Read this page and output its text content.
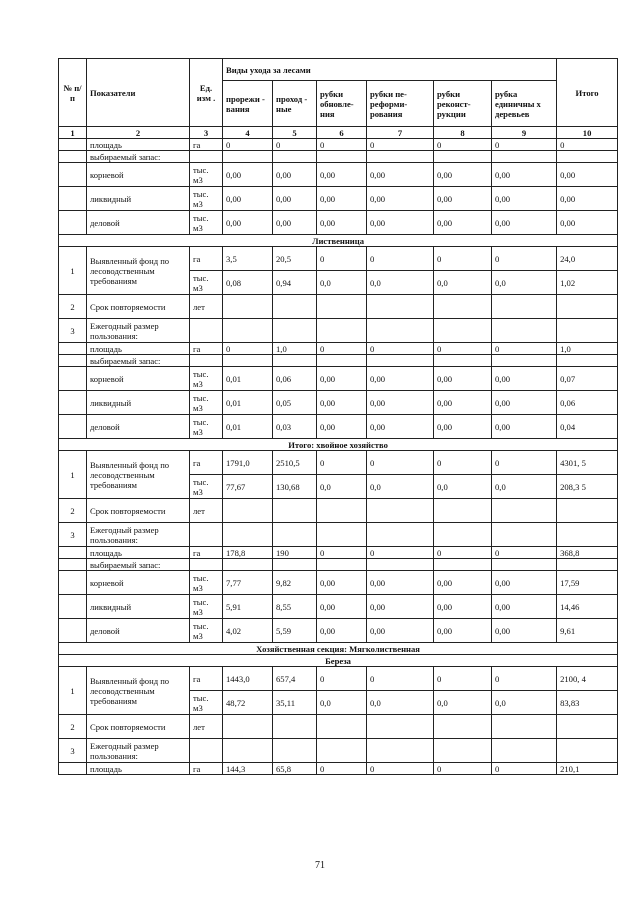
№ п/п	Показатели	Ед. изм .	Виды ухода за лесами						Итого
			прорежи - вания	проход - ные	рубки обновле- ния	рубки пе- реформи- рования	рубки реконст- рукции	рубка единичны х деревьев	
1	2	3	4	5	6	7	8	9	10
	площадь	га	0	0	0	0	0	0	0
	выбираемый запас:								
	корневой	тыс. м3	0,00	0,00	0,00	0,00	0,00	0,00	0,00
	ликвидный	тыс. м3	0,00	0,00	0,00	0,00	0,00	0,00	0,00
	деловой	тыс. м3	0,00	0,00	0,00	0,00	0,00	0,00	0,00
Лиственница									
1	Выявленный фонд по лесоводственным требованиям	га	3,5	20,5	0	0	0	0	24,0
		тыс. м3	0,08	0,94	0,0	0,0	0,0	0,0	1,02
2	Срок повторяемости	лет							
3	Ежегодный размер пользования:								
	площадь	га	0	1,0	0	0	0	0	1,0
	выбираемый запас:								
	корневой	тыс. м3	0,01	0,06	0,00	0,00	0,00	0,00	0,07
	ликвидный	тыс. м3	0,01	0,05	0,00	0,00	0,00	0,00	0,06
	деловой	тыс. м3	0,01	0,03	0,00	0,00	0,00	0,00	0,04
Итого: хвойное хозяйство									
1	Выявленный фонд по лесоводственным требованиям	га	1791,0	2510,5	0	0	0	0	4301, 5
		тыс. м3	77,67	130,68	0,0	0,0	0,0	0,0	208,3 5
2	Срок повторяемости	лет							
3	Ежегодный размер пользования:								
	площадь	га	178,8	190	0	0	0	0	368,8
	выбираемый запас:								
	корневой	тыс. м3	7,77	9,82	0,00	0,00	0,00	0,00	17,59
	ликвидный	тыс. м3	5,91	8,55	0,00	0,00	0,00	0,00	14,46
	деловой	тыс. м3	4,02	5,59	0,00	0,00	0,00	0,00	9,61
Хозяйственная секция: Мягколиственная									
Береза									
1	Выявленный фонд по лесоводственным требованиям	га	1443,0	657,4	0	0	0	0	2100, 4
		тыс. м3	48,72	35,11	0,0	0,0	0,0	0,0	83,83
2	Срок повторяемости	лет							
3	Ежегодный размер пользования:								
	площадь	га	144,3	65,8	0	0	0	0	210,1
71
